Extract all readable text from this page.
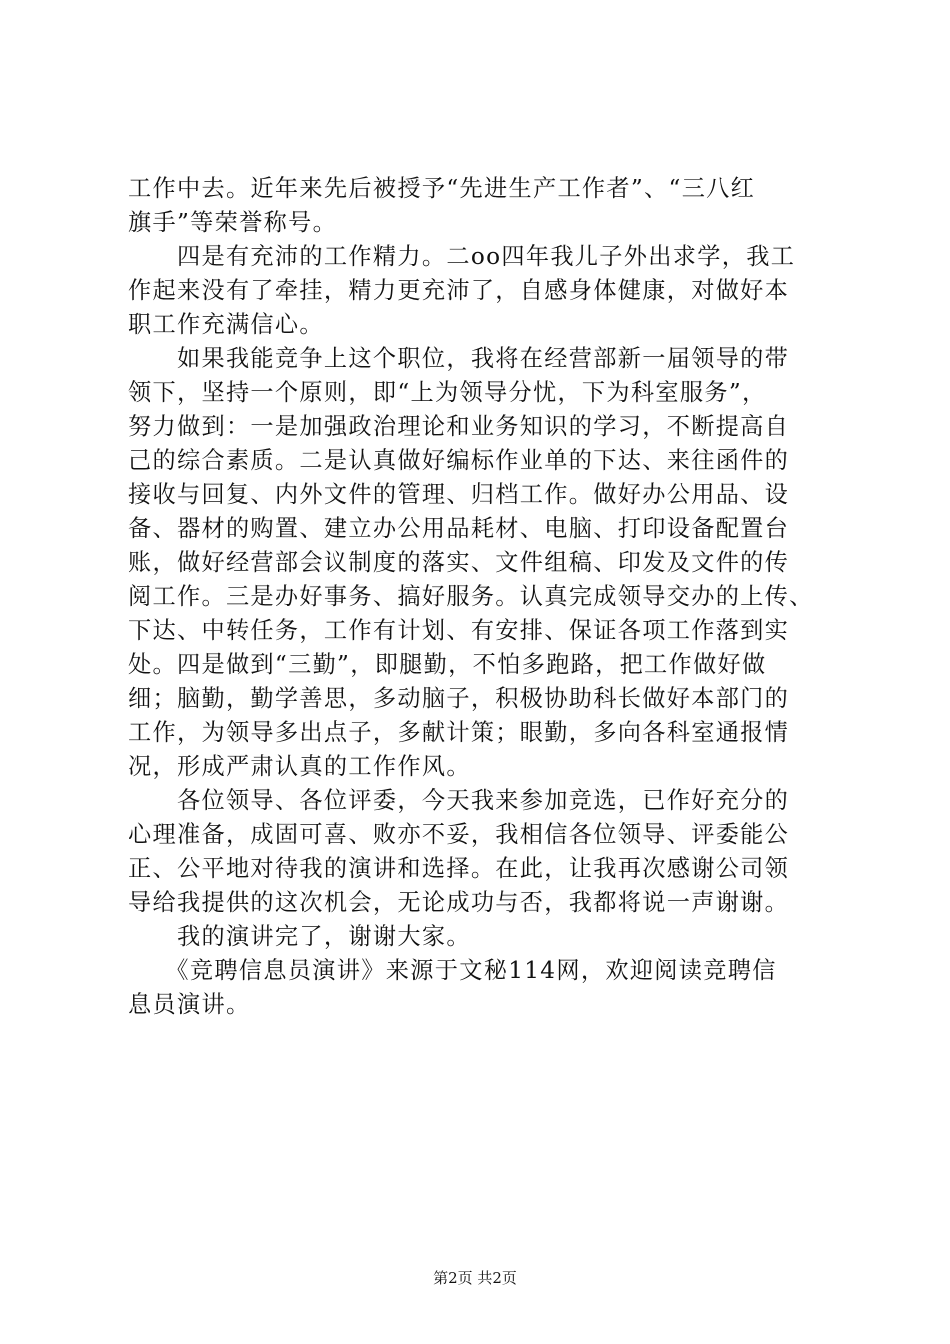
工作中去。近年来先后被授予“先进生产工作者”、“三八红
旗手”等荣誉称号。
　　四是有充沛的工作精力。二oo四年我儿子外出求学，我工
作起来没有了牵挂，精力更充沛了，自感身体健康，对做好本
职工作充满信心。
　　如果我能竞争上这个职位，我将在经营部新一届领导的带
领下，坚持一个原则，即“上为领导分忧，下为科室服务”，
努力做到：一是加强政治理论和业务知识的学习，不断提高自
己的综合素质。二是认真做好编标作业单的下达、来往函件的
接收与回复、内外文件的管理、归档工作。做好办公用品、设
备、器材的购置、建立办公用品耗材、电脑、打印设备配置台
账，做好经营部会议制度的落实、文件组稿、印发及文件的传
阅工作。三是办好事务、搞好服务。认真完成领导交办的上传、
下达、中转任务，工作有计划、有安排、保证各项工作落到实
处。四是做到“三勤”，即腿勤，不怕多跑路，把工作做好做
细；脑勤，勤学善思，多动脑子，积极协助科长做好本部门的
工作，为领导多出点子，多献计策；眼勤，多向各科室通报情
况，形成严肃认真的工作作风。
　　各位领导、各位评委，今天我来参加竞选，已作好充分的
心理准备，成固可喜、败亦不妥，我相信各位领导、评委能公
正、公平地对待我的演讲和选择。在此，让我再次感谢公司领
导给我提供的这次机会，无论成功与否，我都将说一声谢谢。
　　我的演讲完了，谢谢大家。
　　《竞聘信息员演讲》来源于文秘114网，欢迎阅读竞聘信
息员演讲。
第2页 共2页
